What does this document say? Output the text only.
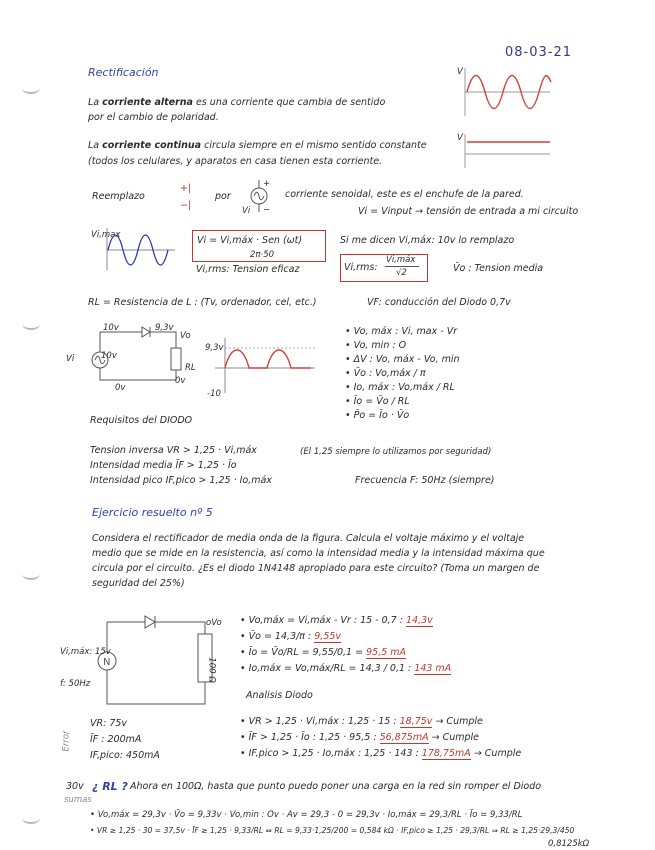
08-03-21
Rectificación
La corriente alterna es una corriente que cambia de sentido
por el cambio de polaridad.
La corriente continua circula siempre en el mismo sentido constante
(todos los celulares, y aparatos en casa tienen esta corriente.
V
V
Reemplazo
+|
−|
por
+
−
Vi
corriente senoidal, este es el enchufe de la pared.
Vi = Vinput → tensión de entrada a mi circuito
Vi,max	Vi = Vi,máx · Sen (ωt)
2π·50
Vi,rms: Tension eficaz
Si me dicen Vi,máx: 10v lo remplazo
Vi,rms:
Vi,máx
√2	V̄o : Tension media
RL = Resistencia de L : (Tv, ordenador, cel, etc.)	VF: conducción del Diodo 0,7v
10v	9,3v
Vo
Vi	10v
RL
0v
0v
9,3v
-10
• Vo, máx : Vi, max - Vr
• Vo, min : O
• ΔV : Vo, máx - Vo, min
• V̄o : Vo,máx / π
• Io, máx : Vo,máx / RL
• Īo = V̄o / RL
• P̄o = Īo · V̄o
Requisitos del DIODO
Tension inversa VR > 1,25 · Vi,máx	(El 1,25 siempre lo utilizamos por seguridad)
Intensidad media ĪF > 1,25 · Īo
Intensidad pico IF,pico > 1,25 · Io,máx	Frecuencia F: 50Hz (siempre)
Ejercicio resuelto nº 5
Considera el rectificador de media onda de la figura. Calcula el voltaje máximo y el voltaje
medio que se mide en la resistencia, así como la intensidad media y la intensidad máxima que
circula por el circuito. ¿Es el diodo 1N4148 apropiado para este circuito? (Toma un margen de
seguridad del 25%)
N
oVo
Vi,máx: 15v
f: 50Hz
100 Ω
• Vo,máx = Vi,máx - Vr : 15 - 0,7 : 14,3v
• V̄o = 14,3/π : 9,55v
• Īo = V̄o/RL = 9,55/0,1 = 95,5 mA
• Io,máx = Vo,máx/RL = 14,3 / 0,1 : 143 mA
Analisis Diodo
Error
VR: 75v
ĪF : 200mA
IF,pico: 450mA
• VR > 1,25 · Vi,máx : 1,25 · 15 : 18,75v → Cumple
• ĪF > 1,25 · Īo : 1,25 · 95,5 : 56,875mA → Cumple
• IF,pico > 1,25 · Io,máx : 1,25 · 143 : 178,75mA → Cumple
30v
sumas
¿ RL ? Ahora en 100Ω, hasta que punto puedo poner una carga en la red sin romper el Diodo
• Vo,máx = 29,3v · V̄o = 9,33v · Vo,min : Ov · Av = 29,3 - 0 = 29,3v · Io,máx = 29,3/RL · Īo = 9,33/RL
• VR ≥ 1,25 · 30 = 37,5v · ĪF ≥ 1,25 · 9,33/RL ⇔ RL = 9,33·1,25/200 = 0,584 kΩ · IF,pico ≥ 1,25 · 29,3/RL ⇒ RL ≥ 1,25·29,3/450
0,8125kΩ
